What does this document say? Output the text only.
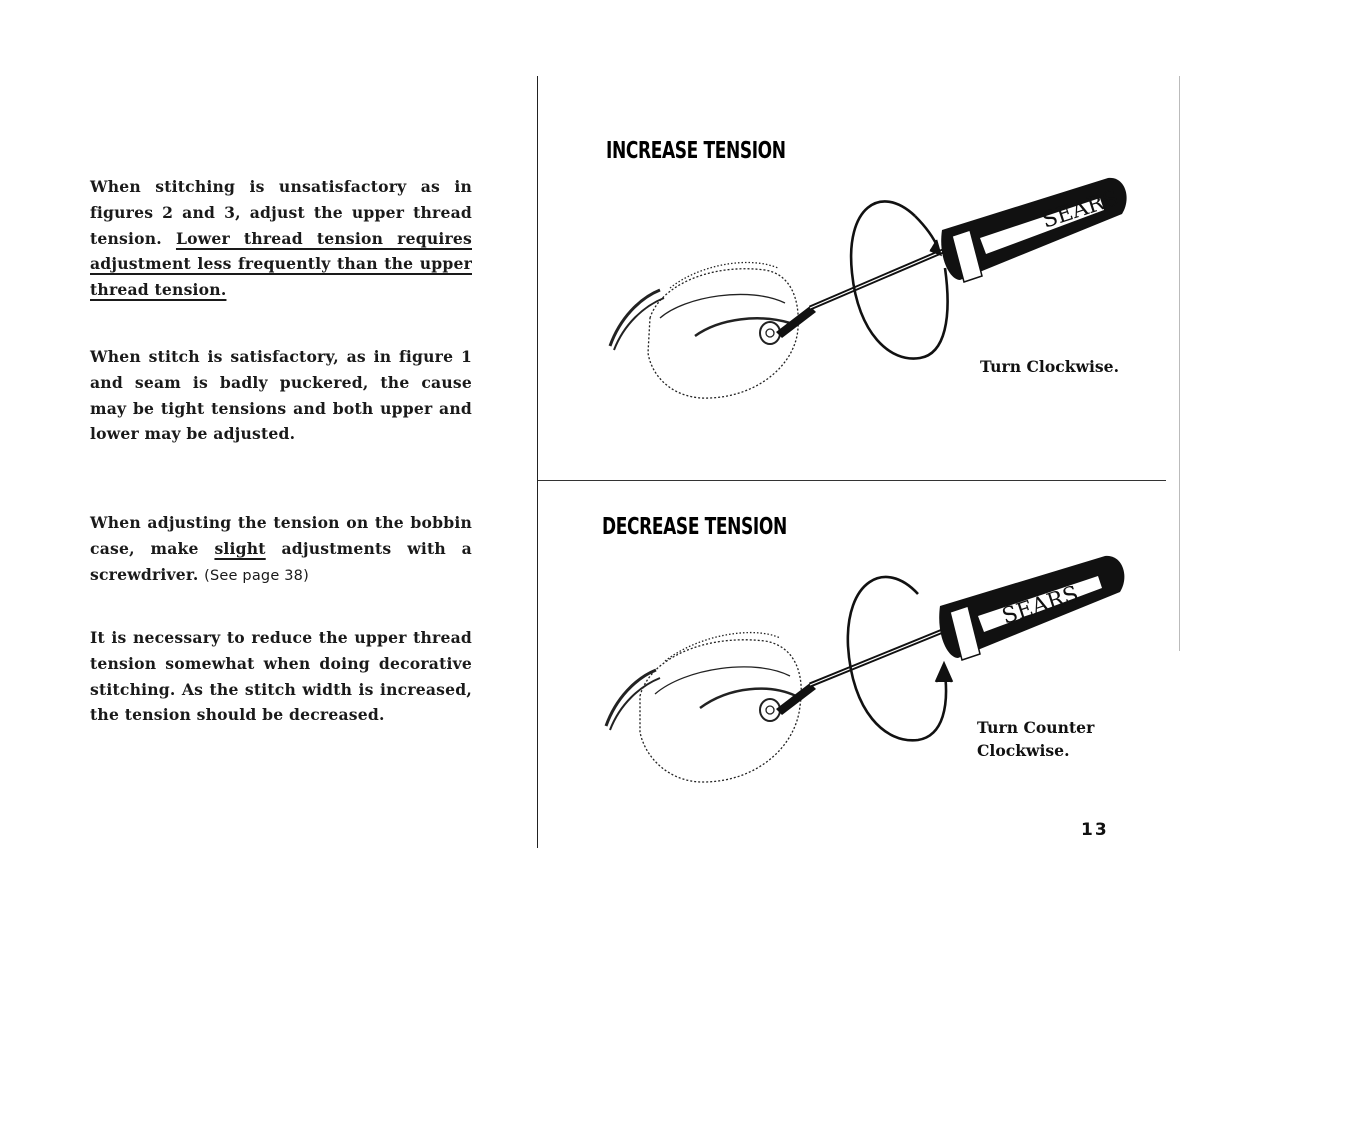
When stitching is unsatisfactory as in figures 2 and 3, adjust the upper thread tension. Lower thread tension requires adjustment less frequently than the upper thread tension.

When stitch is satisfactory, as in figure 1 and seam is badly puckered, the cause may be tight tensions and both upper and lower may be adjusted.

When adjusting the tension on the bobbin case, make slight adjustments with a screwdriver. (See page 38)

It is necessary to reduce the upper thread tension somewhat when doing decorative stitching. As the stitch width is increased, the tension should be decreased.

INCREASE TENSION
DECREASE TENSION
SEARS
Turn Clockwise.
SEARS
Turn Counter
Clockwise.
13
